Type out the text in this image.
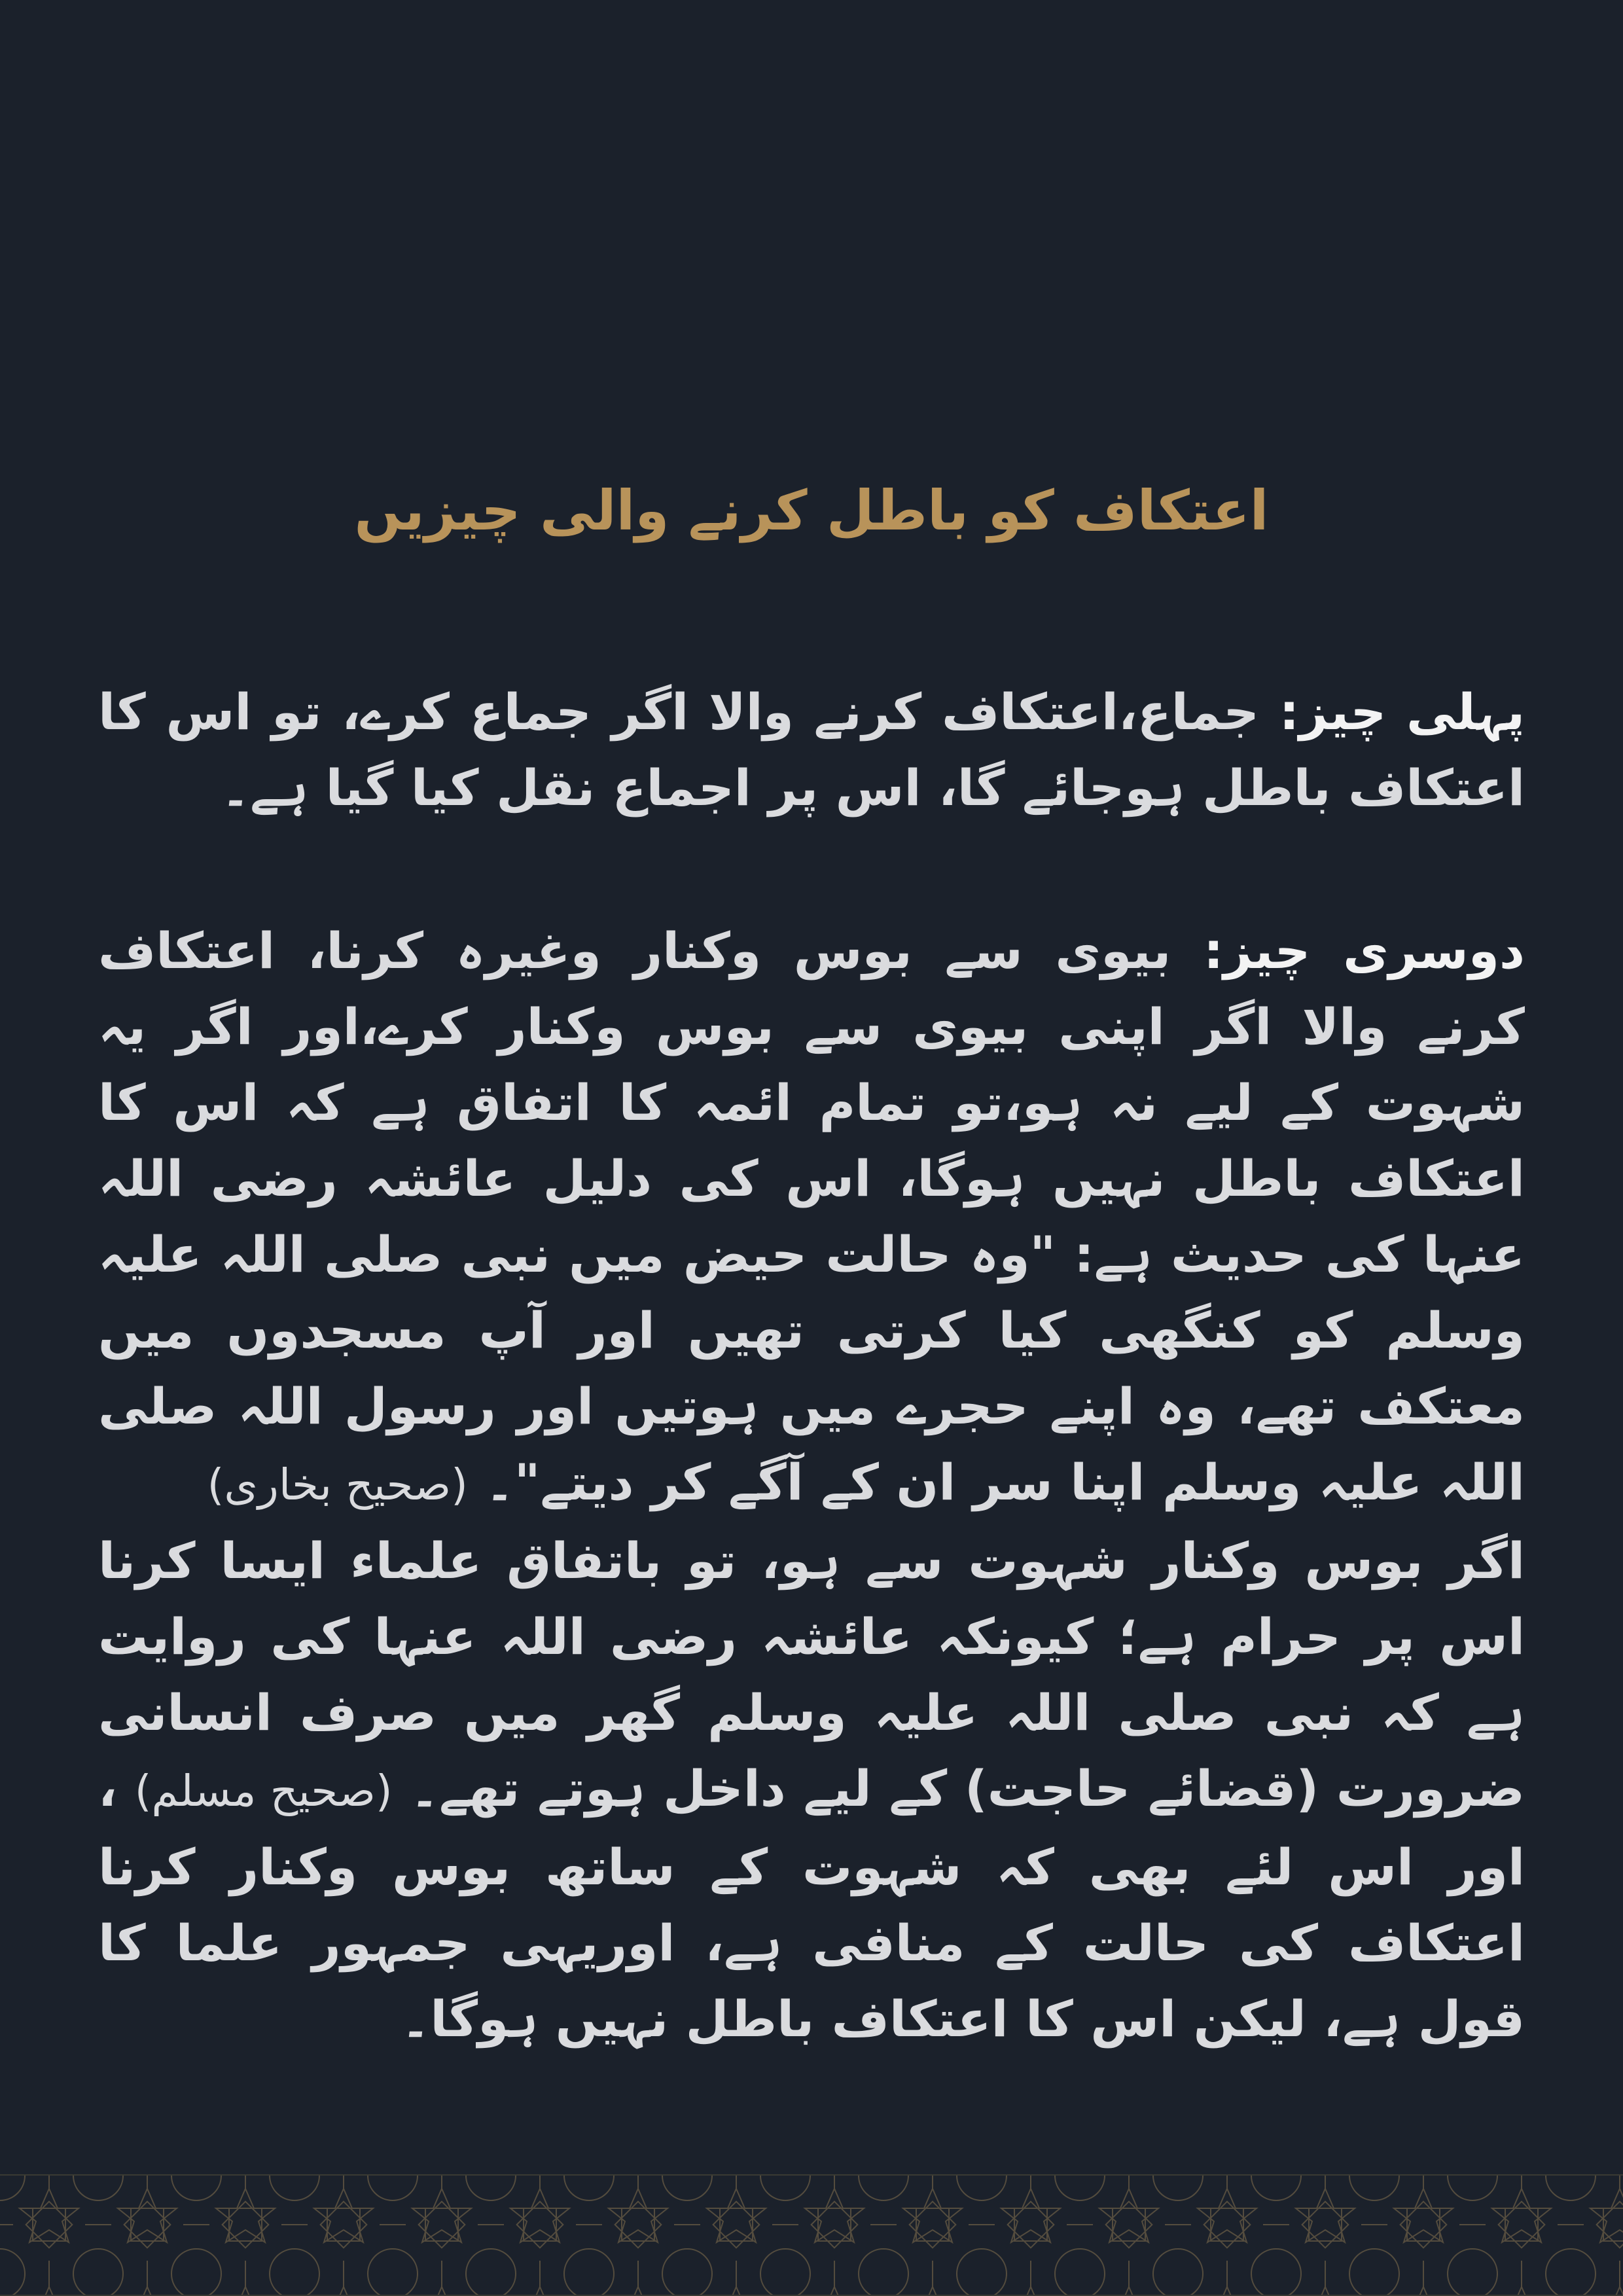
اعتکاف کو باطل کرنے والی چیزیں
پہلی چیز: جماع،اعتکاف کرنے والا اگر جماع کرے، تو اس کا اعتکاف باطل ہوجائے گا، اس پر اجماع نقل کیا گیا ہے۔
دوسری چیز: بیوی سے بوس وکنار وغیرہ کرنا، اعتکاف کرنے والا اگر اپنی بیوی سے بوس وکنار کرے،اور اگر یہ شہوت کے لیے نہ ہو،تو تمام ائمہ کا اتفاق ہے کہ اس کا اعتکاف باطل نہیں ہوگا، اس کی دلیل عائشہ رضی اللہ عنہا کی حدیث ہے: "وہ حالت حیض میں نبی صلی اللہ علیہ وسلم کو کنگھی کیا کرتی تھیں اور آپ مسجدوں میں معتکف تھے، وہ اپنے حجرے میں ہوتیں اور رسول اللہ صلی اللہ علیہ وسلم اپنا سر ان کے آگے کر دیتے"۔ (صحیح بخاری)
اگر بوس وکنار شہوت سے ہو، تو باتفاق علماء ایسا کرنا اس پر حرام ہے؛ کیونکہ عائشہ رضی اللہ عنہا کی روایت ہے کہ نبی صلی اللہ علیہ وسلم گھر میں صرف انسانی ضرورت (قضائے حاجت) کے لیے داخل ہوتے تھے۔ (صحیح مسلم) ، اور اس لئے بھی کہ شہوت کے ساتھ بوس وکنار کرنا اعتکاف کی حالت کے منافی ہے، اوریہی جمہور علما کا قول ہے، لیکن اس کا اعتکاف باطل نہیں ہوگا۔
